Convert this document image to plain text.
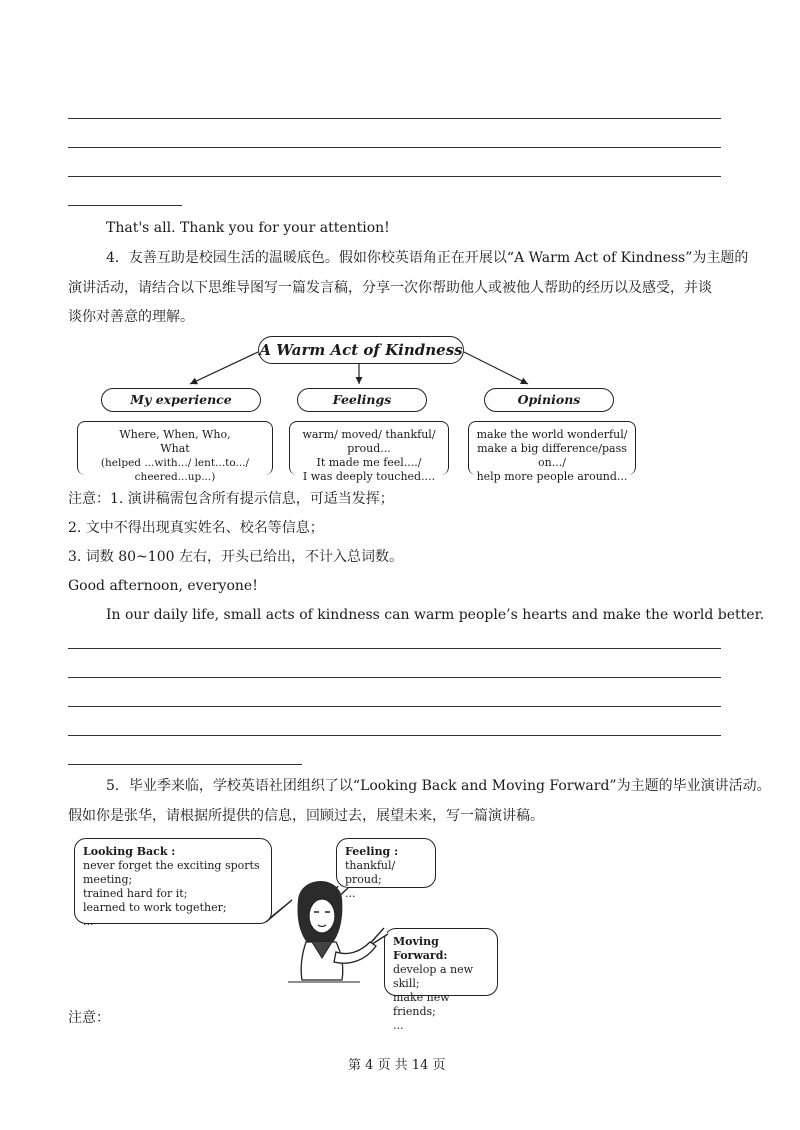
That's all. Thank you for your attention!
4．友善互助是校园生活的温暖底色。假如你校英语角正在开展以“A Warm Act of Kindness”为主题的
演讲活动，请结合以下思维导图写一篇发言稿，分享一次你帮助他人或被他人帮助的经历以及感受，并谈
谈你对善意的理解。
A Warm Act of Kindness
My experience	Feelings	Opinions
Where, When, Who,
What
(helped ...with.../ lent...to.../ cheered...up...)
warm/ moved/ thankful/ proud...
It made me feel..../
I was deeply touched....
make the world wonderful/
make a big difference/pass on.../
help more people around...
注意：1. 演讲稿需包含所有提示信息，可适当发挥；
2. 文中不得出现真实姓名、校名等信息；
3. 词数 80~100 左右，开头已给出，不计入总词数。
Good afternoon, everyone!
In our daily life, small acts of kindness can warm people’s hearts and make the world better.
5．毕业季来临，学校英语社团组织了以“Looking Back and Moving Forward”为主题的毕业演讲活动。
假如你是张华，请根据所提供的信息，回顾过去，展望未来，写一篇演讲稿。
Looking Back :
never forget the exciting sports meeting;
trained hard for it;
learned to work together;
...
Feeling :
thankful/ proud;
...
Moving Forward:
develop a new skill;
make new friends;
...
注意：
第 4 页 共 14 页
